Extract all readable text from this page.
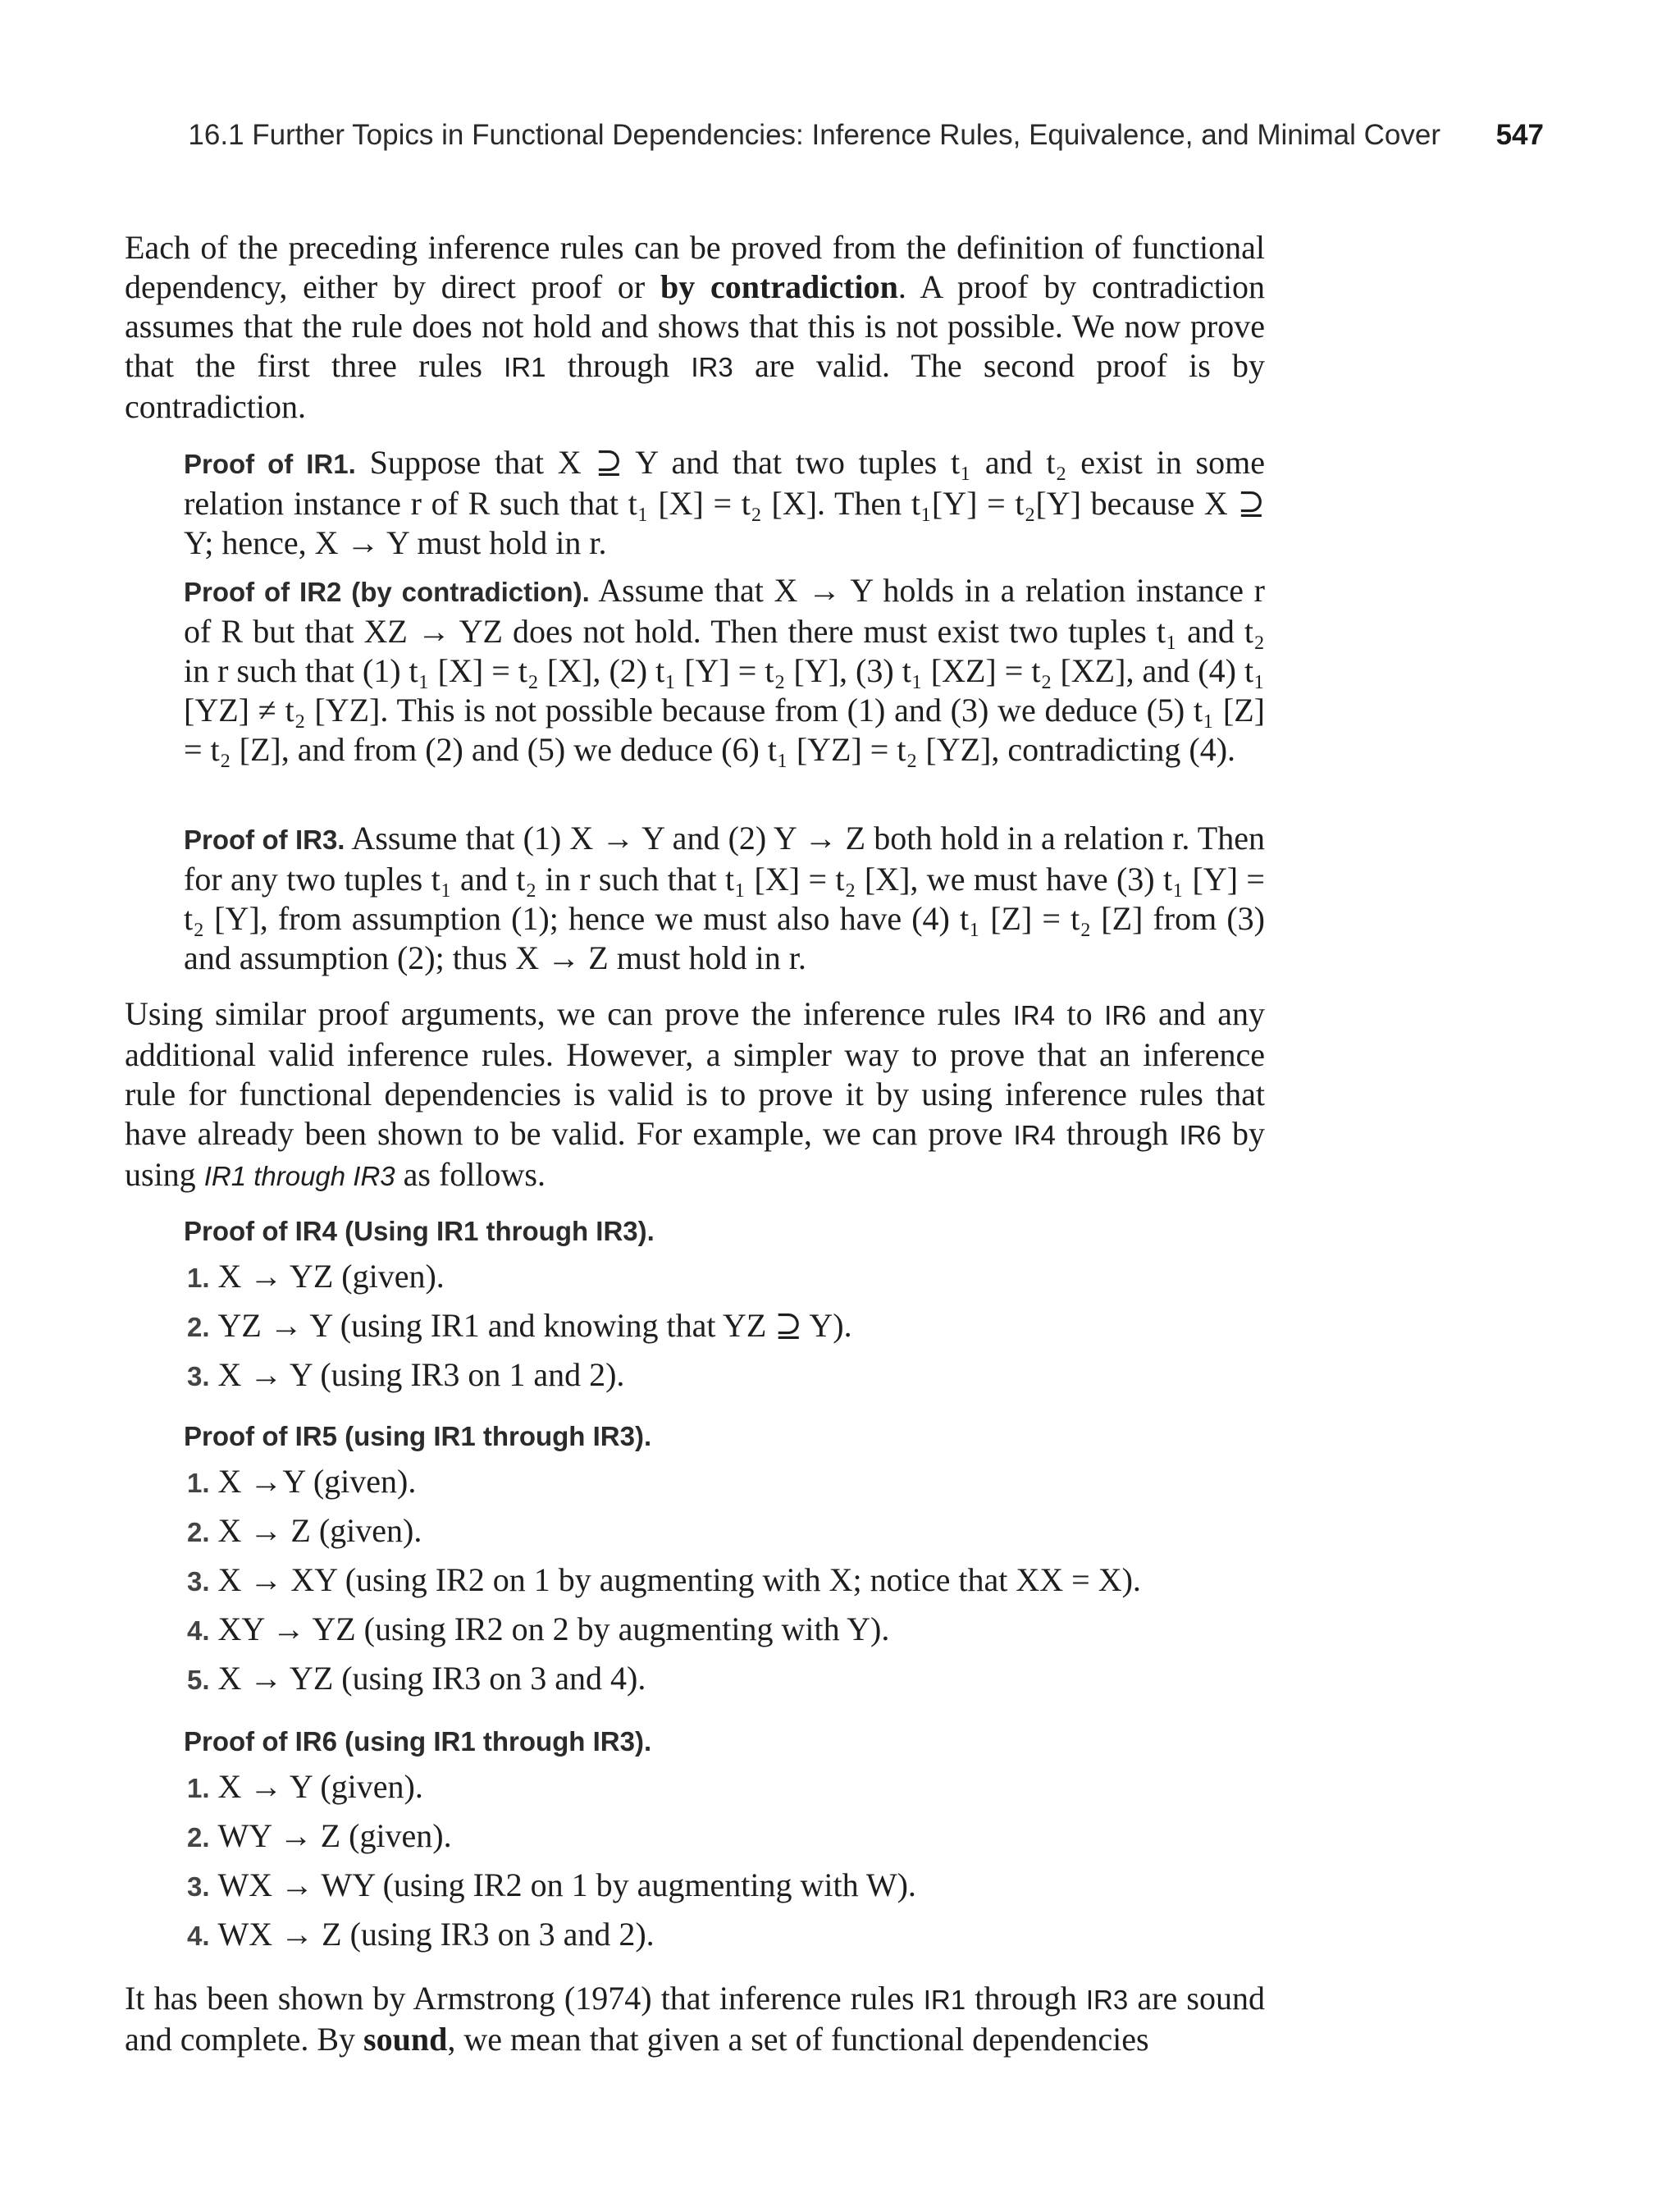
16.1 Further Topics in Functional Dependencies: Inference Rules, Equivalence, and Minimal Cover 547

Each of the preceding inference rules can be proved from the definition of functional dependency, either by direct proof or by contradiction. A proof by contradiction assumes that the rule does not hold and shows that this is not possible. We now prove that the first three rules IR1 through IR3 are valid. The second proof is by contradiction.

Proof of IR1. Suppose that X ⊇ Y and that two tuples t₁ and t₂ exist in some relation instance r of R such that t₁ [X] = t₂ [X]. Then t₁[Y] = t₂[Y] because X ⊇ Y; hence, X → Y must hold in r.

Proof of IR2 (by contradiction). Assume that X → Y holds in a relation instance r of R but that XZ → YZ does not hold. Then there must exist two tuples t₁ and t₂ in r such that (1) t₁ [X] = t₂ [X], (2) t₁ [Y] = t₂ [Y], (3) t₁ [XZ] = t₂ [XZ], and (4) t₁ [YZ] ≠ t₂ [YZ]. This is not possible because from (1) and (3) we deduce (5) t₁ [Z] = t₂ [Z], and from (2) and (5) we deduce (6) t₁ [YZ] = t₂ [YZ], contradicting (4).

Proof of IR3. Assume that (1) X → Y and (2) Y → Z both hold in a relation r. Then for any two tuples t₁ and t₂ in r such that t₁ [X] = t₂ [X], we must have (3) t₁ [Y] = t₂ [Y], from assumption (1); hence we must also have (4) t₁ [Z] = t₂ [Z] from (3) and assumption (2); thus X → Z must hold in r.

Using similar proof arguments, we can prove the inference rules IR4 to IR6 and any additional valid inference rules. However, a simpler way to prove that an inference rule for functional dependencies is valid is to prove it by using inference rules that have already been shown to be valid. For example, we can prove IR4 through IR6 by using IR1 through IR3 as follows.

Proof of IR4 (Using IR1 through IR3).
1. X → YZ (given).
2. YZ → Y (using IR1 and knowing that YZ ⊇ Y).
3. X → Y (using IR3 on 1 and 2).
Proof of IR5 (using IR1 through IR3).
1. X →Y (given).
2. X → Z (given).
3. X → XY (using IR2 on 1 by augmenting with X; notice that XX = X).
4. XY → YZ (using IR2 on 2 by augmenting with Y).
5. X → YZ (using IR3 on 3 and 4).
Proof of IR6 (using IR1 through IR3).
1. X → Y (given).
2. WY → Z (given).
3. WX → WY (using IR2 on 1 by augmenting with W).
4. WX → Z (using IR3 on 3 and 2).

It has been shown by Armstrong (1974) that inference rules IR1 through IR3 are sound and complete. By sound, we mean that given a set of functional dependencies
